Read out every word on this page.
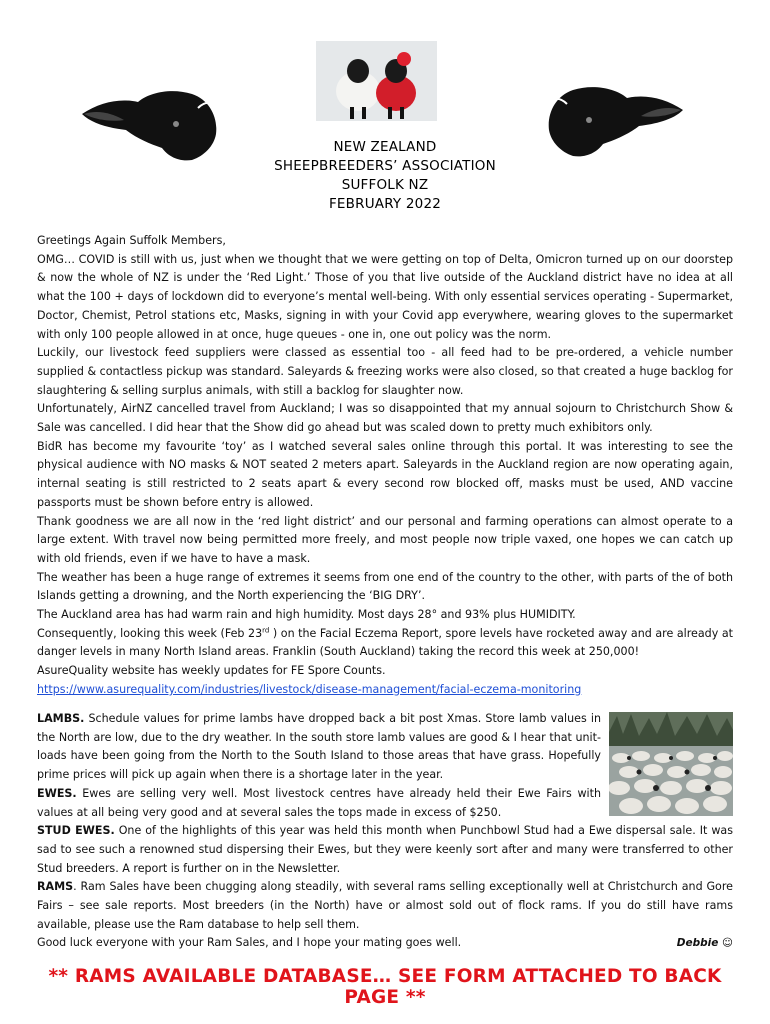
NEW ZEALAND
SHEEPBREEDERS’ ASSOCIATION
SUFFOLK NZ
FEBRUARY 2022

Greetings Again Suffolk Members,

OMG… COVID is still with us, just when we thought that we were getting on top of Delta, Omicron turned up on our doorstep & now the whole of NZ is under the ‘Red Light.’ Those of you that live outside of the Auckland district have no idea at all what the 100 + days of lockdown did to everyone’s mental well-being. With only essential services operating - Supermarket, Doctor, Chemist, Petrol stations etc, Masks, signing in with your Covid app everywhere, wearing gloves to the supermarket with only 100 people allowed in at once, huge queues - one in, one out policy was the norm.

Luckily, our livestock feed suppliers were classed as essential too - all feed had to be pre-ordered, a vehicle number supplied & contactless pickup was standard. Saleyards & freezing works were also closed, so that created a huge backlog for slaughtering & selling surplus animals, with still a backlog for slaughter now.

Unfortunately, AirNZ cancelled travel from Auckland; I was so disappointed that my annual sojourn to Christchurch Show & Sale was cancelled. I did hear that the Show did go ahead but was scaled down to pretty much exhibitors only.

BidR has become my favourite ‘toy’ as I watched several sales online through this portal. It was interesting to see the physical audience with NO masks & NOT seated 2 meters apart. Saleyards in the Auckland region are now operating again, internal seating is still restricted to 2 seats apart & every second row blocked off, masks must be used, AND vaccine passports must be shown before entry is allowed.

Thank goodness we are all now in the ‘red light district’ and our personal and farming operations can almost operate to a large extent. With travel now being permitted more freely, and most people now triple vaxed, one hopes we can catch up with old friends, even if we have to have a mask.

The weather has been a huge range of extremes it seems from one end of the country to the other, with parts of the of both Islands getting a drowning, and the North experiencing the ‘BIG DRY’.

The Auckland area has had warm rain and high humidity. Most days 28° and 93% plus HUMIDITY.

Consequently, looking this week (Feb 23rd ) on the Facial Eczema Report, spore levels have rocketed away and are already at danger levels in many North Island areas. Franklin (South Auckland) taking the record this week at 250,000!

AsureQuality website has weekly updates for FE Spore Counts.

https://www.asurequality.com/industries/livestock/disease-management/facial-eczema-monitoring

LAMBS. Schedule values for prime lambs have dropped back a bit post Xmas. Store lamb values in the North are low, due to the dry weather. In the south store lamb values are good & I hear that unit-loads have been going from the North to the South Island to those areas that have grass. Hopefully prime prices will pick up again when there is a shortage later in the year.

EWES. Ewes are selling very well. Most livestock centres have already held their Ewe Fairs with values at all being very good and at several sales the tops made in excess of $250.

STUD EWES. One of the highlights of this year was held this month when Punchbowl Stud had a Ewe dispersal sale. It was sad to see such a renowned stud dispersing their Ewes, but they were keenly sort after and many were transferred to other Stud breeders. A report is further on in the Newsletter.

RAMS. Ram Sales have been chugging along steadily, with several rams selling exceptionally well at Christchurch and Gore Fairs – see sale reports. Most breeders (in the North) have or almost sold out of flock rams. If you do still have rams available, please use the Ram database to help sell them.

Good luck everyone with your Ram Sales, and I hope your mating goes well.	Debbie ☺

** RAMS AVAILABLE DATABASE… SEE FORM ATTACHED TO BACK PAGE **
